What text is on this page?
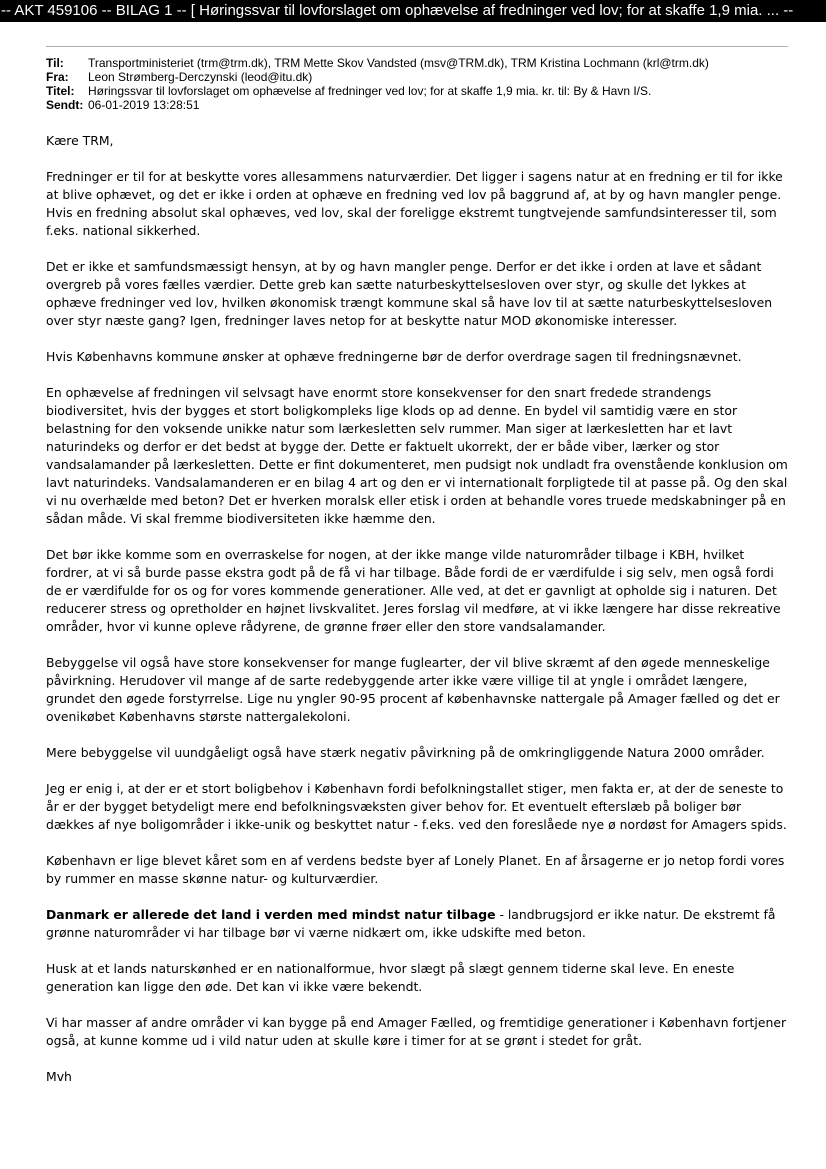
-- AKT 459106 -- BILAG 1 -- [ Høringssvar til lovforslaget om ophævelse af fredninger ved lov; for at skaffe 1,9 mia. ... --
Til:	Transportministeriet (trm@trm.dk), TRM Mette Skov Vandsted (msv@TRM.dk), TRM Kristina Lochmann (krl@trm.dk)
Fra:	Leon Strømberg-Derczynski (leod@itu.dk)
Titel:	Høringssvar til lovforslaget om ophævelse af fredninger ved lov; for at skaffe 1,9 mia. kr. til: By & Havn I/S.
Sendt: 06-01-2019 13:28:51

Kære TRM,

Fredninger er til for at beskytte vores allesammens naturværdier. Det ligger i sagens natur at en fredning er til for ikke at blive ophævet, og det er ikke i orden at ophæve en fredning ved lov på baggrund af, at by og havn mangler penge. Hvis en fredning absolut skal ophæves, ved lov, skal der foreligge ekstremt tungtvejende samfundsinteresser til, som f.eks. national sikkerhed.

Det er ikke et samfundsmæssigt hensyn, at by og havn mangler penge. Derfor er det ikke i orden at lave et sådant overgreb på vores fælles værdier. Dette greb kan sætte naturbeskyttelsesloven over styr, og skulle det lykkes at ophæve fredninger ved lov, hvilken økonomisk trængt kommune skal så have lov til at sætte naturbeskyttelsesloven over styr næste gang? Igen, fredninger laves netop for at beskytte natur MOD økonomiske interesser.

Hvis Københavns kommune ønsker at ophæve fredningerne bør de derfor overdrage sagen til fredningsnævnet.

En ophævelse af fredningen vil selvsagt have enormt store konsekvenser for den snart fredede strandengs biodiversitet, hvis der bygges et stort boligkompleks lige klods op ad denne. En bydel vil samtidig være en stor belastning for den voksende unikke natur som lærkesletten selv rummer. Man siger at lærkesletten har et lavt naturindeks og derfor er det bedst at bygge der. Dette er faktuelt ukorrekt, der er både viber, lærker og stor vandsalamander på lærkesletten. Dette er fint dokumenteret, men pudsigt nok undladt fra ovenstående konklusion om lavt naturindeks. Vandsalamanderen er en bilag 4 art og den er vi internationalt forpligtede til at passe på. Og den skal vi nu overhælde med beton? Det er hverken moralsk eller etisk i orden at behandle vores truede medskabninger på en sådan måde. Vi skal fremme biodiversiteten ikke hæmme den.

Det bør ikke komme som en overraskelse for nogen, at der ikke mange vilde naturområder tilbage i KBH, hvilket fordrer, at vi så burde passe ekstra godt på de få vi har tilbage. Både fordi de er værdifulde i sig selv, men også fordi de er værdifulde for os og for vores kommende generationer. Alle ved, at det er gavnligt at opholde sig i naturen. Det reducerer stress og opretholder en højnet livskvalitet. Jeres forslag vil medføre, at vi ikke længere har disse rekreative områder, hvor vi kunne opleve rådyrene, de grønne frøer eller den store vandsalamander.

Bebyggelse vil også have store konsekvenser for mange fuglearter, der vil blive skræmt af den øgede menneskelige påvirkning. Herudover vil mange af de sarte redebyggende arter ikke være villige til at yngle i området længere, grundet den øgede forstyrrelse. Lige nu yngler 90-95 procent af københavnske nattergale på Amager fælled og det er ovenikøbet Københavns største nattergalekoloni.

Mere bebyggelse vil uundgåeligt også have stærk negativ påvirkning på de omkringliggende Natura 2000 områder.

Jeg er enig i, at der er et stort boligbehov i København fordi befolkningstallet stiger, men fakta er, at der de seneste to år er der bygget betydeligt mere end befolkningsvæksten giver behov for. Et eventuelt efterslæb på boliger bør dækkes af nye boligområder i ikke-unik og beskyttet natur - f.eks. ved den foreslåede nye ø nordøst for Amagers spids.

København er lige blevet kåret som en af verdens bedste byer af Lonely Planet. En af årsagerne er jo netop fordi vores by rummer en masse skønne natur- og kulturværdier.

Danmark er allerede det land i verden med mindst natur tilbage - landbrugsjord er ikke natur. De ekstremt få grønne naturområder vi har tilbage bør vi værne nidkært om, ikke udskifte med beton.

Husk at et lands naturskønhed er en nationalformue, hvor slægt på slægt gennem tiderne skal leve. En eneste generation kan ligge den øde. Det kan vi ikke være bekendt.

Vi har masser af andre områder vi kan bygge på end Amager Fælled, og fremtidige generationer i København fortjener også, at kunne komme ud i vild natur uden at skulle køre i timer for at se grønt i stedet for gråt.

Mvh
